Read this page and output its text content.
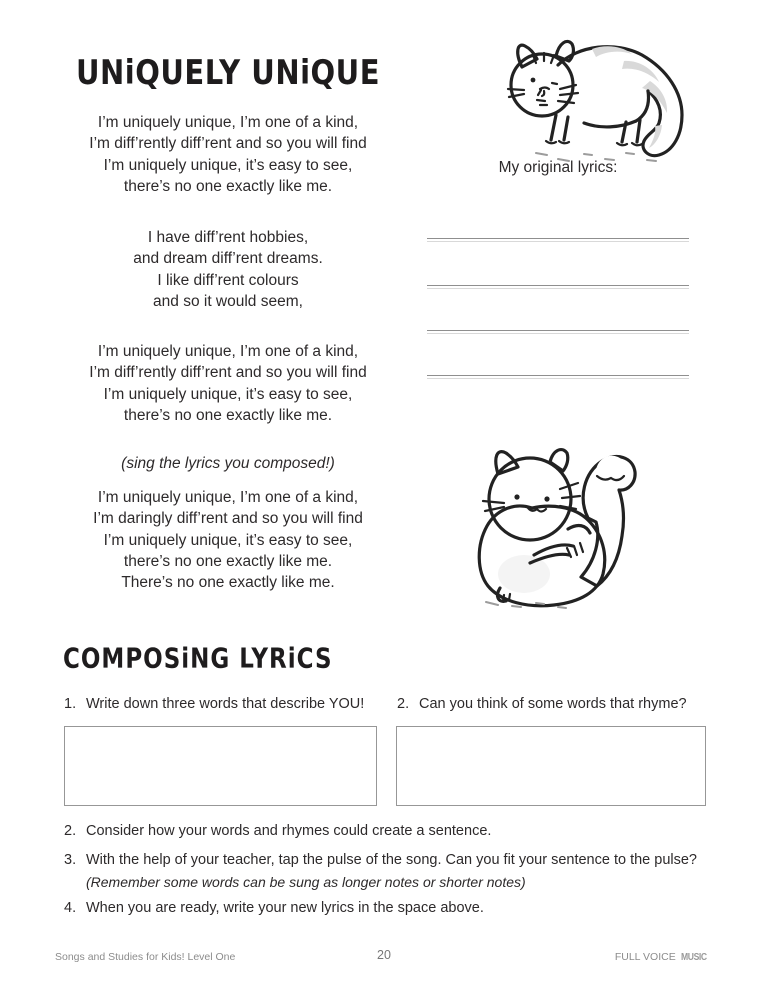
UNiQUELY UNiQUE
I’m uniquely unique, I’m one of a kind,
I’m diff’rently diff’rent and so you will find
I’m uniquely unique, it’s easy to see,
there’s no one exactly like me.
I have diff’rent hobbies,
and dream diff’rent dreams.
I like diff’rent colours
and so it would seem,
I’m uniquely unique, I’m one of a kind,
I’m diff’rently diff’rent and so you will find
I’m uniquely unique, it’s easy to see,
there’s no one exactly like me.
(sing the lyrics you composed!)
I’m uniquely unique, I’m one of a kind,
I’m daringly diff’rent and so you will find
I’m uniquely unique, it’s easy to see,
there’s no one exactly like me.
There’s no one exactly like me.
My original lyrics:
COMPOSiNG LYRiCS
1. Write down three words that describe YOU! 2. Can you think of some words that rhyme?
2. Consider how your words and rhymes could create a sentence.
3. With the help of your teacher, tap the pulse of the song. Can you fit your sentence to the pulse?
(Remember some words can be sung as longer notes or shorter notes)
4. When you are ready, write your new lyrics in the space above.
Songs and Studies for Kids! Level One	20	FULL VOICE MUSIC
